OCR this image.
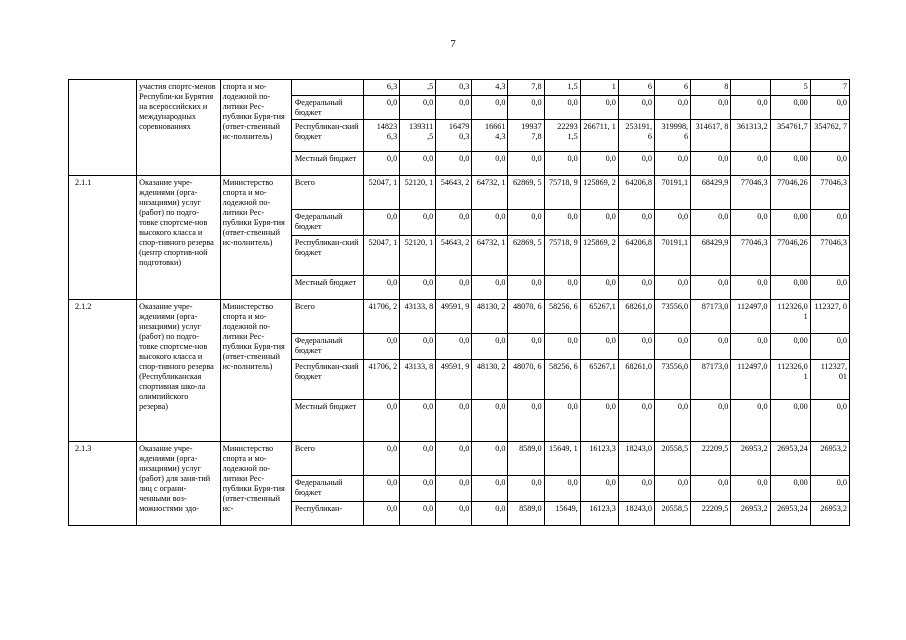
7
	участия спортс-менов Республи-ки Бурятия на всероссийских и международных соревнованиях	спорта и мо-лодежной по-литики Рес-публики Буря-тия (ответ-ственный ис-полнитель)		6,3	,5	0,3	4,3	7,8	1,5	1	6	6	8		5	7
			Федеральный бюджет	0,0	0,0	0,0	0,0	0,0	0,0	0,0	0,0	0,0	0,0	0,0	0,00	0,0
			Республикан-ский бюджет	14823 6,3	139311 ,5	16479 0,3	16661 4,3	19937 7,8	22293 1,5	266711, 1	253191, 6	319998, 6	314617, 8	361313,2	354761,7	354762, 7
			Местный бюджет	0,0	0,0	0,0	0,0	0,0	0,0	0,0	0,0	0,0	0,0	0,0	0,00	0,0
2.1.1	Оказание учре-ждениями (орга-низациями) услуг (работ) по подго-товке спортсме-нов высокого класса и спор-тивного резерва (центр спортив-ной подготовки)	Министерство спорта и мо-лодежной по-литики Рес-публики Буря-тия (ответ-ственный ис-полнитель)	Всего	52047, 1	52120, 1	54643, 2	64732, 1	62869, 5	75718, 9	125869, 2	64206,8	70191,1	68429,9	77046,3	77046,26	77046,3
			Федеральный бюджет	0,0	0,0	0,0	0,0	0,0	0,0	0,0	0,0	0,0	0,0	0,0	0,00	0,0
			Республикан-ский бюджет	52047, 1	52120, 1	54643, 2	64732, 1	62869, 5	75718, 9	125869, 2	64206,8	70191,1	68429,9	77046,3	77046,26	77046,3
			Местный бюджет	0,0	0,0	0,0	0,0	0,0	0,0	0,0	0,0	0,0	0,0	0,0	0,00	0,0
2.1.2	Оказание учре-ждениями (орга-низациями) услуг (работ) по подго-товке спортсме-нов высокого класса и спор-тивного резерва (Республиканская спортивная шко-ла олимпийского резерва)	Министерство спорта и мо-лодежной по-литики Рес-публики Буря-тия (ответ-ственный ис-полнитель)	Всего	41706, 2	43133, 8	49591, 9	48130, 2	48070, 6	58256, 6	65267,1	68261,0	73556,0	87173,0	112497,0	112326,0 1	112327, 0
			Федеральный бюджет	0,0	0,0	0,0	0,0	0,0	0,0	0,0	0,0	0,0	0,0	0,0	0,00	0,0
			Республикан-ский бюджет	41706, 2	43133, 8	49591, 9	48130, 2	48070, 6	58256, 6	65267,1	68261,0	73556,0	87173,0	112497,0	112326,0 1	112327, 01
			Местный бюджет	0,0	0,0	0,0	0,0	0,0	0,0	0,0	0,0	0,0	0,0	0,0	0,00	0,0
2.1.3	Оказание учре-ждениями (орга-низациями) услуг (работ) для заня-тий лиц с ограни-ченными воз-можностями здо-	Министерство спорта и мо-лодежной по-литики Рес-публики Буря-тия (ответ-ственный ис-	Всего	0,0	0,0	0,0	0,0	8589,0	15649, 1	16123,3	18243,0	20558,5	22209,5	26953,2	26953,24	26953,2
			Федеральный бюджет	0,0	0,0	0,0	0,0	0,0	0,0	0,0	0,0	0,0	0,0	0,0	0,00	0,0
			Республикан-	0,0	0,0	0,0	0,0	8589,0	15649,	16123,3	18243,0	20558,5	22209,5	26953,2	26953,24	26953,2
